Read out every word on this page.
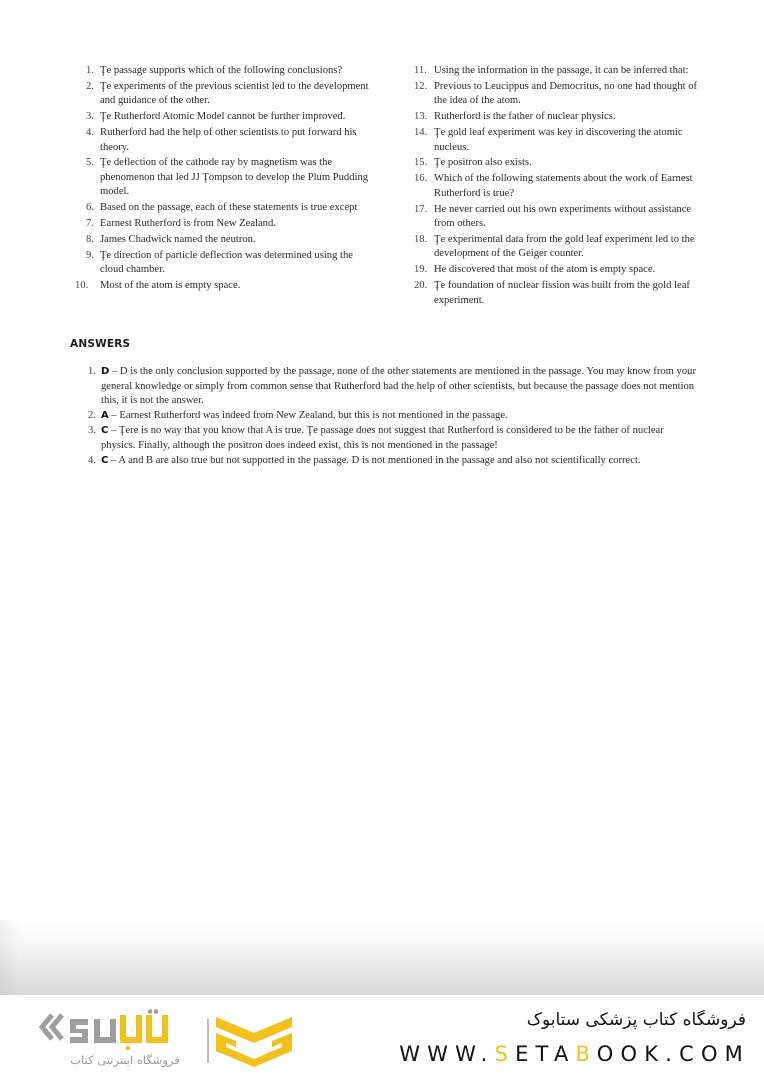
1. Ţe passage supports which of the following conclusions?
2. Ţe experiments of the previous scientist led to the development and guidance of the other.
3. Ţe Rutherford Atomic Model cannot be further improved.
4. Rutherford had the help of other scientists to put forward his theory.
5. Ţe deflection of the cathode ray by magnetism was the phenomenon that led JJ Ţompson to develop the Plum Pudding model.
6. Based on the passage, each of these statements is true except
7. Earnest Rutherford is from New Zealand.
8. James Chadwick named the neutron.
9. Ţe direction of particle deflection was determined using the cloud chamber.
10. Most of the atom is empty space.
11. Using the information in the passage, it can be inferred that:
12. Previous to Leucippus and Democritus, no one had thought of the idea of the atom.
13. Rutherford is the father of nuclear physics.
14. Ţe gold leaf experiment was key in discovering the atomic nucleus.
15. Ţe positron also exists.
16. Which of the following statements about the work of Earnest Rutherford is true?
17. He never carried out his own experiments without assistance from others.
18. Ţe experimental data from the gold leaf experiment led to the development of the Geiger counter.
19. He discovered that most of the atom is empty space.
20. Ţe foundation of nuclear fission was built from the gold leaf experiment.
ANSWERS
1. D – D is the only conclusion supported by the passage, none of the other statements are mentioned in the passage. You may know from your general knowledge or simply from common sense that Rutherford had the help of other scientists, but because the passage does not mention this, it is not the answer.
2. A – Earnest Rutherford was indeed from New Zealand, but this is not mentioned in the passage.
3. C – Ţere is no way that you know that A is true. Ţe passage does not suggest that Rutherford is considered to be the father of nuclear physics. Finally, although the positron does indeed exist, this is not mentioned in the passage!
4. C – A and B are also true but not supported in the passage. D is not mentioned in the passage and also not scientifically correct.
فروشگاه اینترنتی کتاب
فروشگاه کتاب پزشکی ستابوک
WWW.SETABOOK.COM
